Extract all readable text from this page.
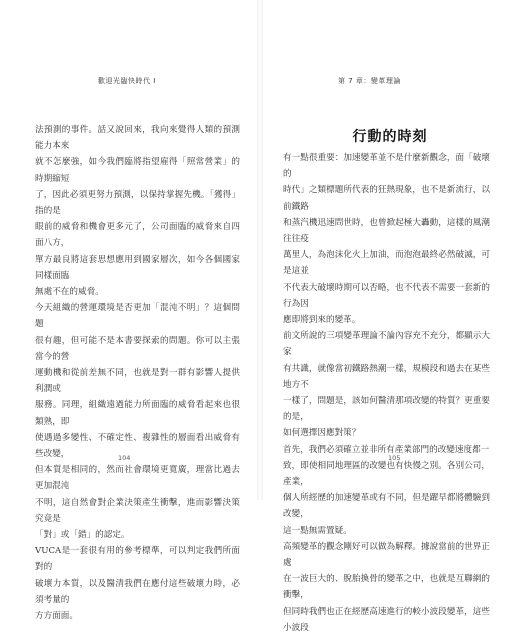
歡迎光臨快時代 I

法預測的事件。話又說回來，我向來覺得人類的預測能力本來
就不怎麼強，如今我們臨將指望雇得「照常營業」的時期縮短
了，因此必須更努力預測，以保持掌握先機。「獲得」指的是
眼前的威脅和機會更多元了，公司面臨的威脅來自四面八方，
單方最良將這套思想應用到國家層次，如今各個國家同樣面臨
無處不在的威脅。

今天組織的營運環境是否更加「混沌不明」？這個問題
很有趣，但可能不是本書要探索的問題。你可以主張當今的營
運動機和從前差無不同，也就是對一群有影響人提供利潤或
服務。同理，組織遠過能力所面臨的威脅看起來也很類熟，即
使遇過多變性、不確定性、複雜性的層面看出威脅有些改變，
但本質是相同的，然而社會環境更寬廣，理當比過去更加混沌
不明，這自然會對企業決策產生衝擊，進而影響決策究竟是
「對」或「錯」的認定。

VUCA是一套很有用的參考標準，可以判定我們所面對的
破壞力本質，以及醫清我們在應付這些破壞力時，必須考量的
方方面面。

104
第 7 章：變革理論
行動的時刻

有一點很重要：加速變革並不是什麼新觀念，面「破壞的
時代」之類標題所代表的狂熱現象，也不是新流行，以前鐵路
和蒸汽機迅速問世時，也曾掀起極大轟動，這樣的風潮往往疫
萬里人，為泡沫化火上加油，而泡泡最終必然破滅，可是這並
不代表大破壞時期可以否略，也不代表不需要一套新的行為因
應即將到來的變革。

前文所說的三項變革理論不論內容充不充分，都顯示大家
有共識，就像當初鐵路熱潮一樣，規模段和過去在某些地方不
一樣了，問題是，該如何醫清那項改變的特質？更重要的是，
如何選擇因應對策？

首先，我們必須確立並非所有產業部門的改變速度都一
致，即使相同地理區的改變也有快慢之別。各別公司，產業，
個人所經歷的加速變革或有不同，但是躍早都將體驗到改變，
這一點無需置疑。

高頻變革的觀念剛好可以做為解釋。據說當前的世界正處
在一波巨大的、脫胎換骨的變革之中，也就是互聯網的衝擊，
但同時我們也正在經歷高速進行的較小波段變革，這些小波段

105
